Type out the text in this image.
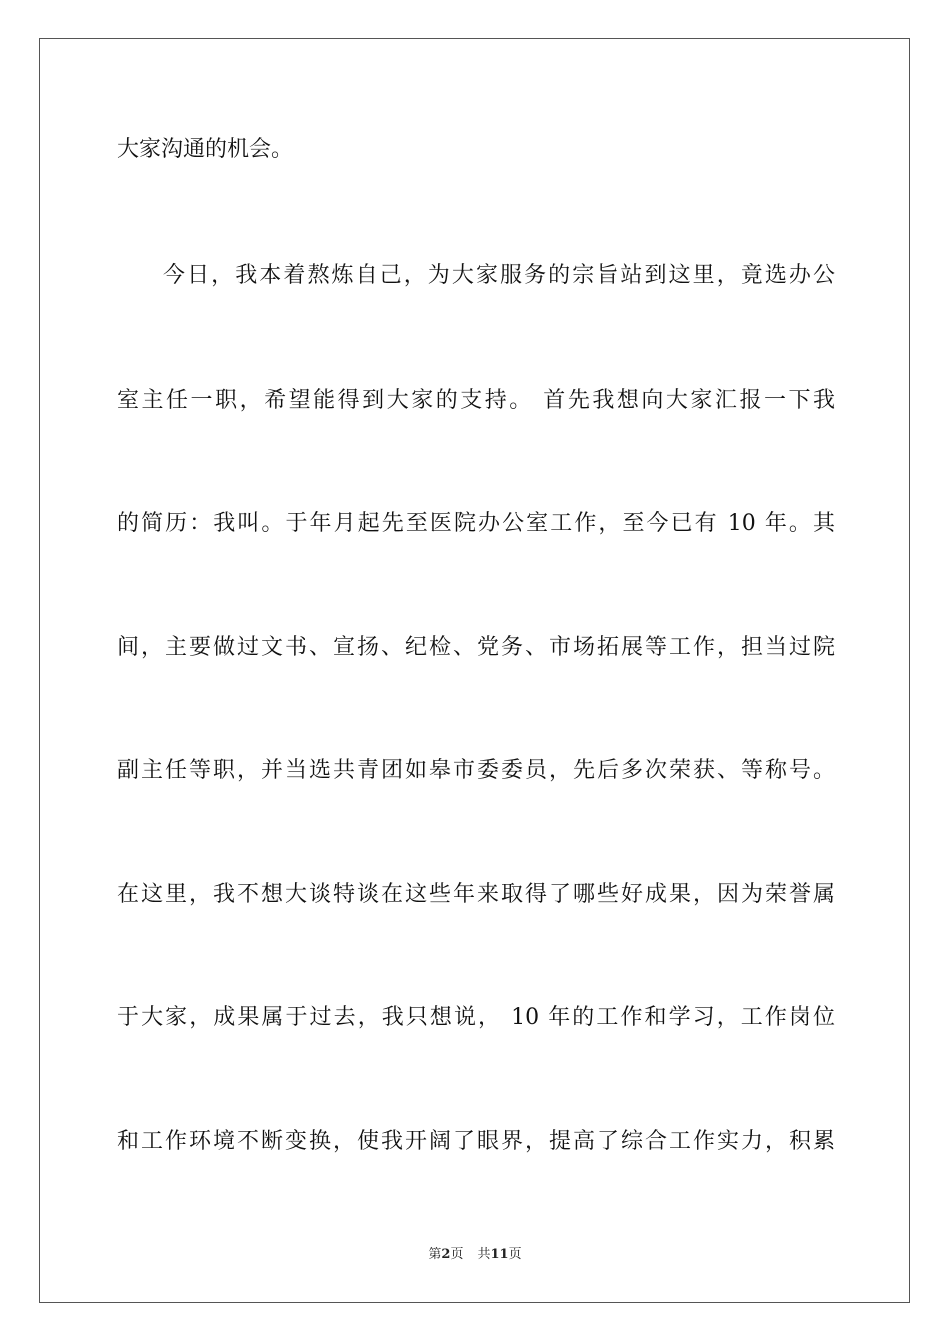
大家沟通的机会。
今日，我本着熬炼自己，为大家服务的宗旨站到这里，竟选办公
室主任一职，希望能得到大家的支持。 首先我想向大家汇报一下我
的简历：我叫。于年月起先至医院办公室工作，至今已有 10 年。其
间，主要做过文书、宣扬、纪检、党务、市场拓展等工作，担当过院
副主任等职，并当选共青团如皋市委委员，先后多次荣获、等称号。
在这里，我不想大谈特谈在这些年来取得了哪些好成果，因为荣誉属
于大家，成果属于过去，我只想说， 10 年的工作和学习，工作岗位
和工作环境不断变换，使我开阔了眼界，提高了综合工作实力，积累
第2页 共11页
